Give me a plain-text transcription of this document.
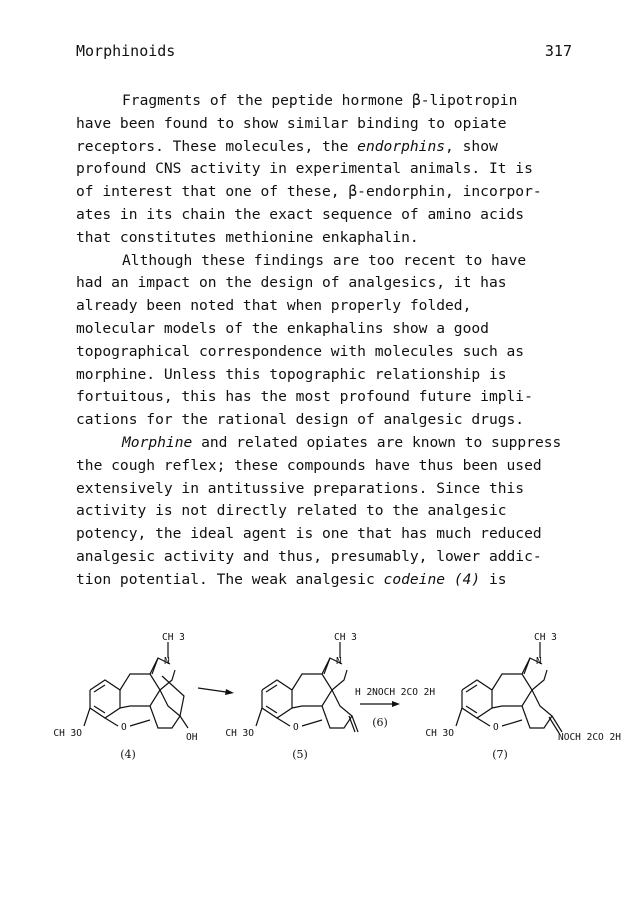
Morphinoids	317
Fragments of the peptide hormone β-lipotropin
have been found to show similar binding to opiate
receptors. These molecules, the endorphins, show
profound CNS activity in experimental animals. It is
of interest that one of these, β-endorphin, incorpor-
ates in its chain the exact sequence of amino acids
that constitutes methionine enkaphalin.
Although these findings are too recent to have
had an impact on the design of analgesics, it has
already been noted that when properly folded,
molecular models of the enkaphalins show a good
topographical correspondence with molecules such as
morphine. Unless this topographic relationship is
fortuitous, this has the most profound future impli-
cations for the rational design of analgesic drugs.
Morphine and related opiates are known to suppress
the cough reflex; these compounds have thus been used
extensively in antitussive preparations. Since this
activity is not directly related to the analgesic
potency, the ideal agent is one that has much reduced
analgesic activity and thus, presumably, lower addic-
tion potential. The weak analgesic codeine (4) is
CH 3
N
O
CH 3O	OH
(4)
CH 3
N
O
CH 3O
(5)
CH 3
N
O
CH 3O	NOCH 2CO 2H
(7)
H 2NOCH 2CO 2H
(6)
